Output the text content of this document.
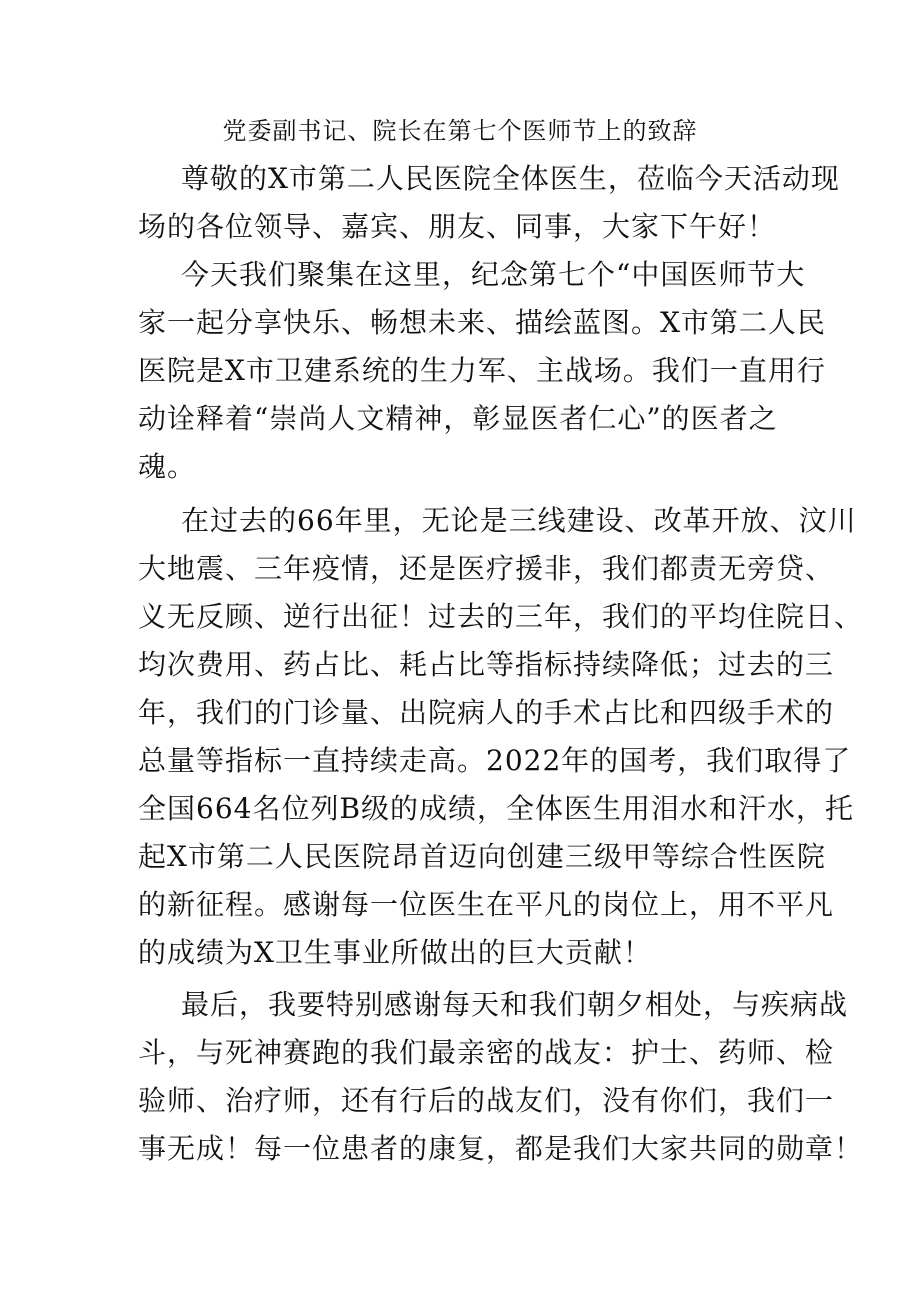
党委副书记、院长在第七个医师节上的致辞
尊敬的X市第二人民医院全体医生，莅临今天活动现
场的各位领导、嘉宾、朋友、同事，大家下午好！
今天我们聚集在这里，纪念第七个“中国医师节大
家一起分享快乐、畅想未来、描绘蓝图。X市第二人民
医院是X市卫建系统的生力军、主战场。我们一直用行
动诠释着“崇尚人文精神，彰显医者仁心”的医者之
魂。
在过去的66年里，无论是三线建设、改革开放、汶川
大地震、三年疫情，还是医疗援非，我们都责无旁贷、
义无反顾、逆行出征！过去的三年，我们的平均住院日、
均次费用、药占比、耗占比等指标持续降低；过去的三
年，我们的门诊量、出院病人的手术占比和四级手术的
总量等指标一直持续走高。2022年的国考，我们取得了
全国664名位列B级的成绩，全体医生用泪水和汗水，托
起X市第二人民医院昂首迈向创建三级甲等综合性医院
的新征程。感谢每一位医生在平凡的岗位上，用不平凡
的成绩为X卫生事业所做出的巨大贡献！
最后，我要特别感谢每天和我们朝夕相处，与疾病战
斗，与死神赛跑的我们最亲密的战友：护士、药师、检
验师、治疗师，还有行后的战友们，没有你们，我们一
事无成！每一位患者的康复，都是我们大家共同的勋章！
